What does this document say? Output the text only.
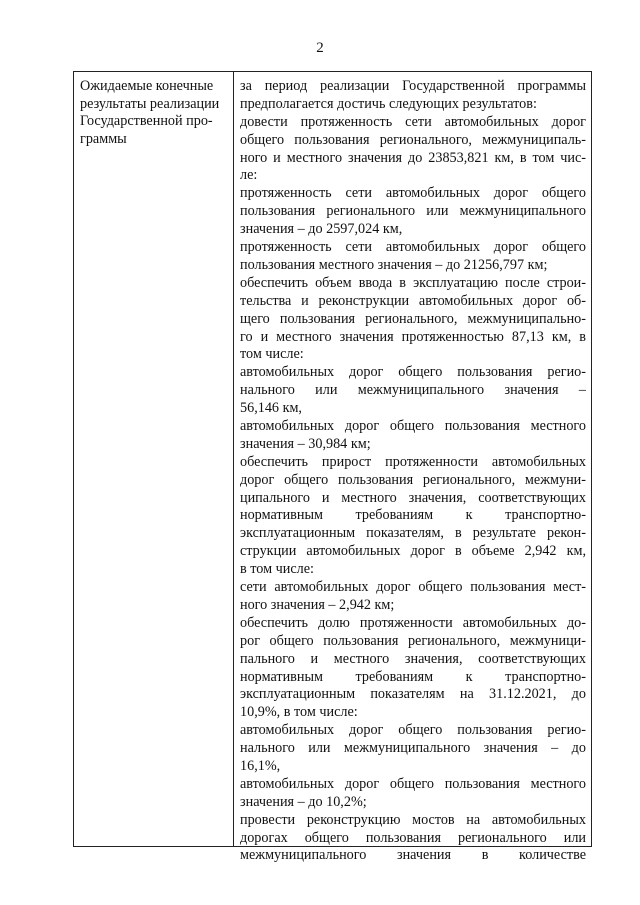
2
Ожидаемые конечные
результаты реализации
Государственной про-
граммы
за период реализации Государственной программы
предполагается достичь следующих результатов:
довести протяженность сети автомобильных дорог
общего пользования регионального, межмуниципаль-
ного и местного значения до 23853,821 км, в том чис-
ле:
протяженность сети автомобильных дорог общего
пользования регионального или межмуниципального
значения – до 2597,024 км,
протяженность сети автомобильных дорог общего
пользования местного значения – до 21256,797 км;
обеспечить объем ввода в эксплуатацию после строи-
тельства и реконструкции автомобильных дорог об-
щего пользования регионального, межмуниципально-
го и местного значения протяженностью 87,13 км, в
том числе:
автомобильных дорог общего пользования регио-
нального или межмуниципального значения –
56,146 км,
автомобильных дорог общего пользования местного
значения – 30,984 км;
обеспечить прирост протяженности автомобильных
дорог общего пользования регионального, межмуни-
ципального и местного значения, соответствующих
нормативным требованиям к транспортно-
эксплуатационным показателям, в результате рекон-
струкции автомобильных дорог в объеме 2,942 км,
в том числе:
сети автомобильных дорог общего пользования мест-
ного значения – 2,942 км;
обеспечить долю протяженности автомобильных до-
рог общего пользования регионального, межмуници-
пального и местного значения, соответствующих
нормативным требованиям к транспортно-
эксплуатационным показателям на 31.12.2021, до
10,9%, в том числе:
автомобильных дорог общего пользования регио-
нального или межмуниципального значения – до
16,1%,
автомобильных дорог общего пользования местного
значения – до 10,2%;
провести реконструкцию мостов на автомобильных
дорогах общего пользования регионального или
межмуниципального значения в количестве
